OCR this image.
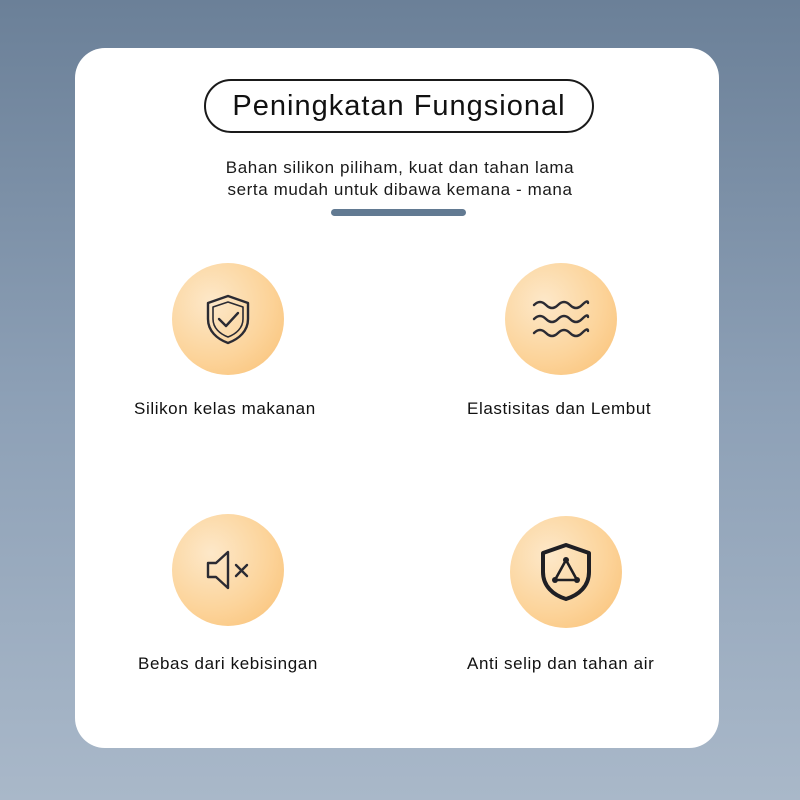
Peningkatan Fungsional
Bahan silikon piliham, kuat dan tahan lama
serta mudah untuk dibawa kemana - mana
Silikon kelas makanan	Elastisitas dan Lembut
Bebas dari kebisingan	Anti selip dan tahan air
